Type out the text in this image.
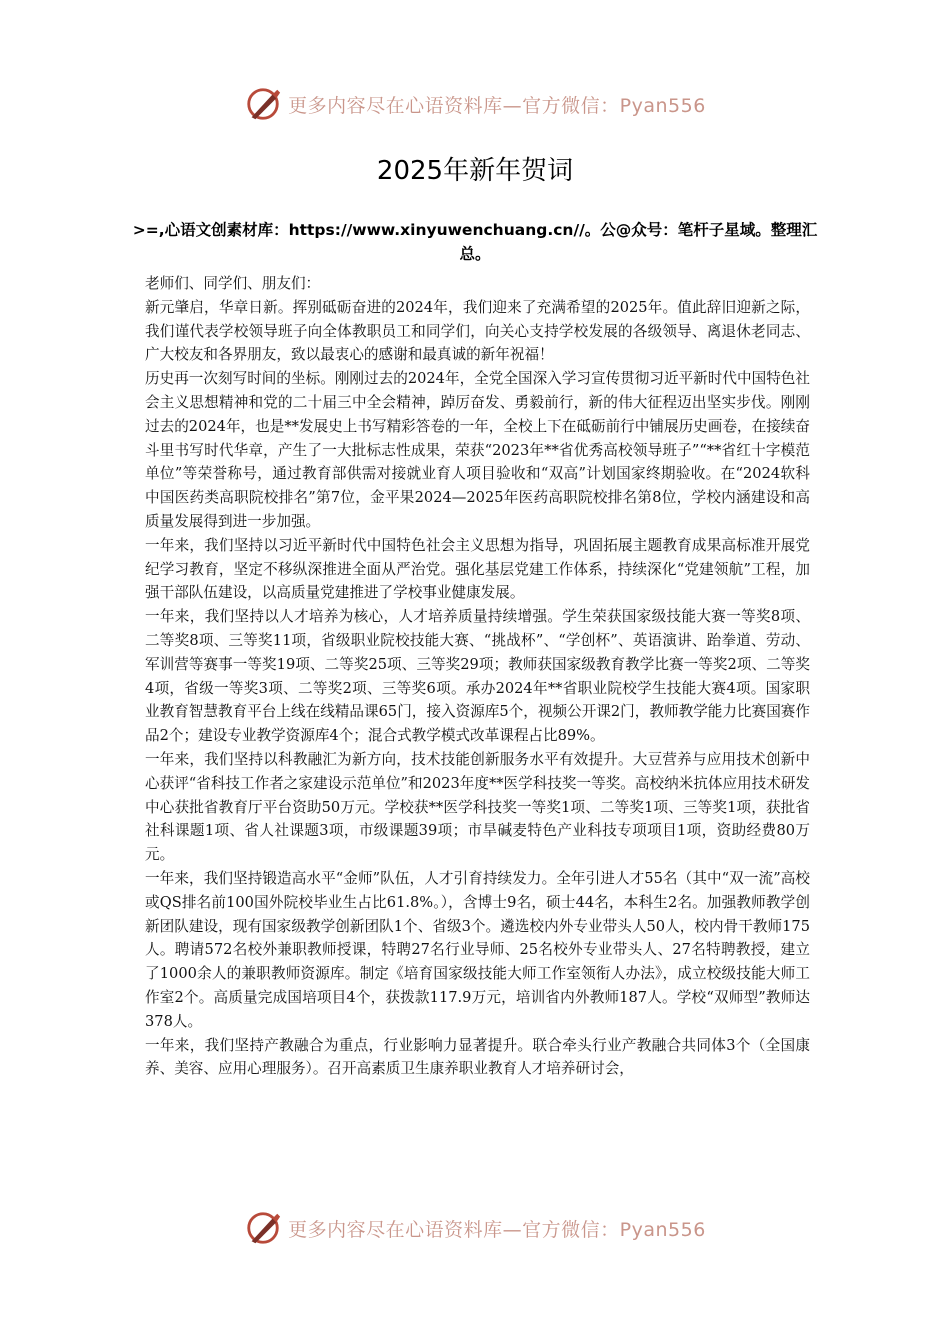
更多内容尽在心语资料库—官方微信：Pyan556
2025年新年贺词
>=,心语文创素材库：https://www.xinyuwenchuang.cn//。公@众号：笔杆子星域。整理汇总。

老师们、同学们、朋友们：

新元肇启，华章日新。挥别砥砺奋进的2024年，我们迎来了充满希望的2025年。值此辞旧迎新之际，我们谨代表学校领导班子向全体教职员工和同学们，向关心支持学校发展的各级领导、离退休老同志、广大校友和各界朋友，致以最衷心的感谢和最真诚的新年祝福！

历史再一次刻写时间的坐标。刚刚过去的2024年，全党全国深入学习宣传贯彻习近平新时代中国特色社会主义思想精神和党的二十届三中全会精神，踔厉奋发、勇毅前行，新的伟大征程迈出坚实步伐。刚刚过去的2024年，也是**发展史上书写精彩答卷的一年，全校上下在砥砺前行中铺展历史画卷，在接续奋斗里书写时代华章，产生了一大批标志性成果，荣获“2023年**省优秀高校领导班子”“**省红十字模范单位”等荣誉称号，通过教育部供需对接就业育人项目验收和“双高”计划国家终期验收。在“2024软科中国医药类高职院校排名”第7位，金平果2024—2025年医药高职院校排名第8位，学校内涵建设和高质量发展得到进一步加强。

一年来，我们坚持以习近平新时代中国特色社会主义思想为指导，巩固拓展主题教育成果高标准开展党纪学习教育，坚定不移纵深推进全面从严治党。强化基层党建工作体系，持续深化“党建领航”工程，加强干部队伍建设，以高质量党建推进了学校事业健康发展。

一年来，我们坚持以人才培养为核心，人才培养质量持续增强。学生荣获国家级技能大赛一等奖8项、二等奖8项、三等奖11项，省级职业院校技能大赛、“挑战杯”、“学创杯”、英语演讲、跆拳道、劳动、军训营等赛事一等奖19项、二等奖25项、三等奖29项；教师获国家级教育教学比赛一等奖2项、二等奖4项，省级一等奖3项、二等奖2项、三等奖6项。承办2024年**省职业院校学生技能大赛4项。国家职业教育智慧教育平台上线在线精品课65门，接入资源库5个，视频公开课2门，教师教学能力比赛国赛作品2个；建设专业教学资源库4个；混合式教学模式改革课程占比89%。

一年来，我们坚持以科教融汇为新方向，技术技能创新服务水平有效提升。大豆营养与应用技术创新中心获评“省科技工作者之家建设示范单位”和2023年度**医学科技奖一等奖。高校纳米抗体应用技术研发中心获批省教育厅平台资助50万元。学校获**医学科技奖一等奖1项、二等奖1项、三等奖1项，获批省社科课题1项、省人社课题3项，市级课题39项；市旱碱麦特色产业科技专项项目1项，资助经费80万元。

一年来，我们坚持锻造高水平“金师”队伍，人才引育持续发力。全年引进人才55名（其中“双一流”高校或QS排名前100国外院校毕业生占比61.8%。），含博士9名，硕士44名，本科生2名。加强教师教学创新团队建设，现有国家级教学创新团队1个、省级3个。遴选校内外专业带头人50人，校内骨干教师175人。聘请572名校外兼职教师授课，特聘27名行业导师、25名校外专业带头人、27名特聘教授，建立了1000余人的兼职教师资源库。制定《培育国家级技能大师工作室领衔人办法》，成立校级技能大师工作室2个。高质量完成国培项目4个，获拨款117.9万元，培训省内外教师187人。学校“双师型”教师达378人。

一年来，我们坚持产教融合为重点，行业影响力显著提升。联合牵头行业产教融合共同体3个（全国康养、美容、应用心理服务）。召开高素质卫生康养职业教育人才培养研讨会，

更多内容尽在心语资料库—官方微信：Pyan556
